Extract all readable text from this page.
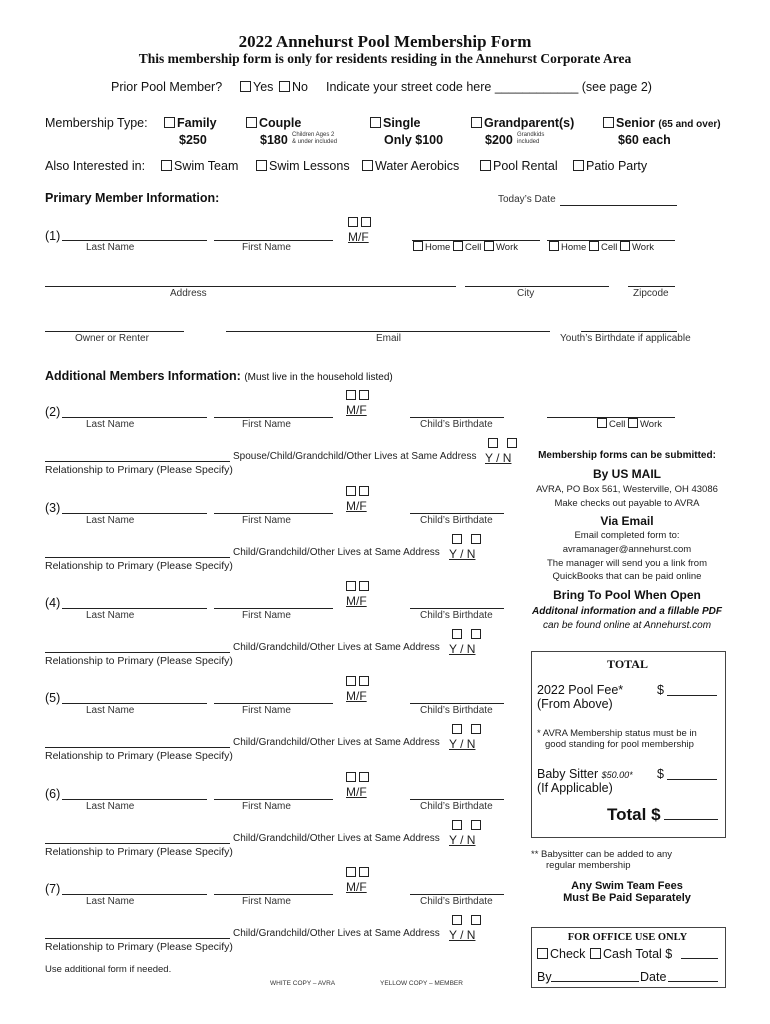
2022 Annehurst Pool Membership Form
This membership form is only for residents residing in the Annehurst Corporate Area
Prior Pool Member?	Yes	No Indicate your street code here ____________ (see page 2)
Membership Type:	Family
$250
Couple
$180 Children Ages 2
& under included
Single
Only $100
Grandparent(s)
$200 Grandkids
included
Senior (65 and over)
$60 each
Also Interested in:	Swim Team	Swim Lessons	Water Aerobics	Pool Rental	Patio Party
Primary Member Information:	Today’s Date
(1)
Last Name	First Name
M/F
Home Cell Work	Home Cell Work
Address	City	Zipcode
Owner or Renter	Email	Youth’s Birthdate if applicable
Additional Members Information: (Must live in the household listed)
(2)
Last Name	First Name
M/F
Child’s Birthdate
Spouse/Child/Grandchild/Other Lives at Same Address Y / N
Relationship to Primary (Please Specify)
Cell Work
(3)
Last Name	First Name
M/F
Child’s Birthdate
Child/Grandchild/Other Lives at Same Address Y / N
Relationship to Primary (Please Specify)
(4)
Last Name	First Name
M/F
Child’s Birthdate
Child/Grandchild/Other Lives at Same Address Y / N
Relationship to Primary (Please Specify)
(5)
Last Name	First Name
M/F
Child’s Birthdate
Child/Grandchild/Other Lives at Same Address Y / N
Relationship to Primary (Please Specify)
(6)
Last Name	First Name
M/F
Child’s Birthdate
Child/Grandchild/Other Lives at Same Address Y / N
Relationship to Primary (Please Specify)
(7)
Last Name	First Name
M/F
Child’s Birthdate
Child/Grandchild/Other Lives at Same Address Y / N
Relationship to Primary (Please Specify)
Membership forms can be submitted:
By US MAIL
AVRA, PO Box 561, Westerville, OH 43086
Make checks out payable to AVRA
Via Email
Email completed form to:
avramanager@annehurst.com
The manager will send you a link from
QuickBooks that can be paid online
Bring To Pool When Open
Additonal information and a fillable PDF
can be found online at Annehurst.com
TOTAL
2022 Pool Fee*
(From Above)
$
* AVRA Membership status must be in
good standing for pool membership
Baby Sitter $50.00*
(If Applicable)
$
Total $
** Babysitter can be added to any
regular membership
Any Swim Team Fees
Must Be Paid Separately
FOR OFFICE USE ONLY
Check	Cash Total $
By	Date
Use additional form if needed.
WHITE COPY – AVRA	YELLOW COPY – MEMBER
